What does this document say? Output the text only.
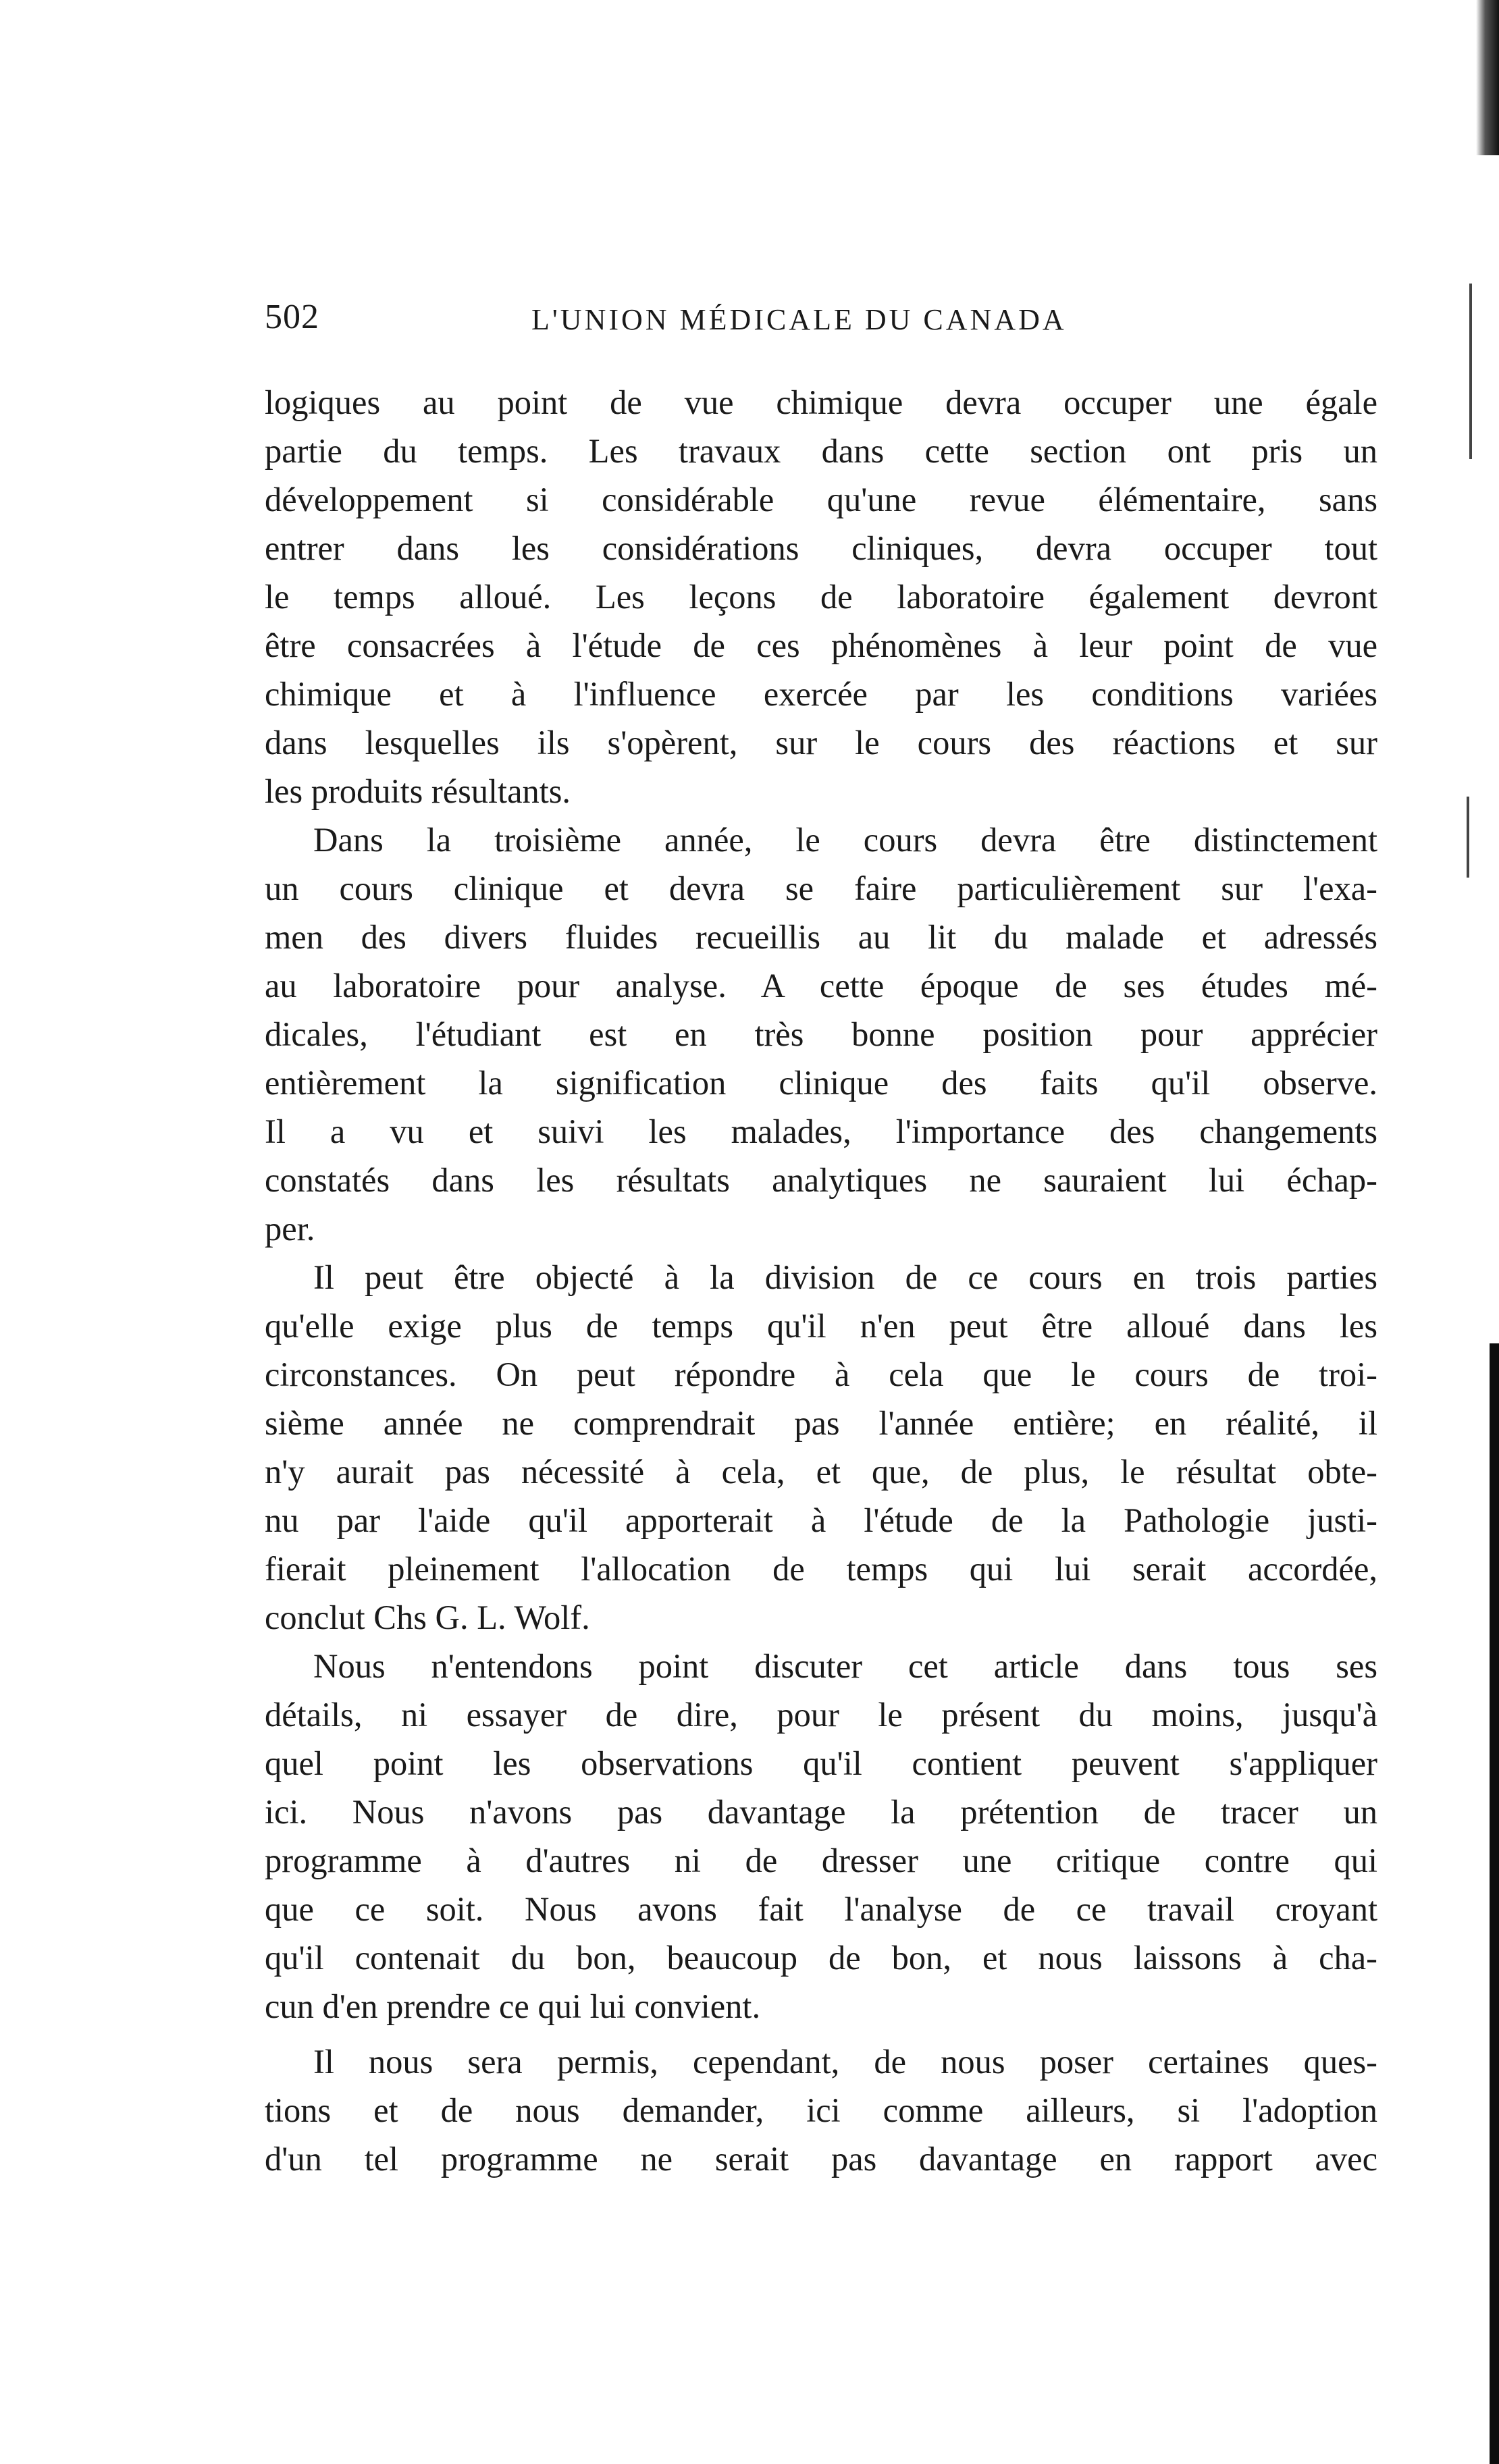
502	L'UNION MÉDICALE DU CANADA
logiques au point de vue chimique devra occuper une égale
partie du temps. Les travaux dans cette section ont pris un
développement si considérable qu'une revue élémentaire, sans
entrer dans les considérations cliniques, devra occuper tout
le temps alloué. Les leçons de laboratoire également devront
être consacrées à l'étude de ces phénomènes à leur point de vue
chimique et à l'influence exercée par les conditions variées
dans lesquelles ils s'opèrent, sur le cours des réactions et sur
les produits résultants.
Dans la troisième année, le cours devra être distinctement
un cours clinique et devra se faire particulièrement sur l'exa-
men des divers fluides recueillis au lit du malade et adressés
au laboratoire pour analyse. A cette époque de ses études mé-
dicales, l'étudiant est en très bonne position pour apprécier
entièrement la signification clinique des faits qu'il observe.
Il a vu et suivi les malades, l'importance des changements
constatés dans les résultats analytiques ne sauraient lui échap-
per.
Il peut être objecté à la division de ce cours en trois parties
qu'elle exige plus de temps qu'il n'en peut être alloué dans les
circonstances. On peut répondre à cela que le cours de troi-
sième année ne comprendrait pas l'année entière; en réalité, il
n'y aurait pas nécessité à cela, et que, de plus, le résultat obte-
nu par l'aide qu'il apporterait à l'étude de la Pathologie justi-
fierait pleinement l'allocation de temps qui lui serait accordée,
conclut Chs G. L. Wolf.
Nous n'entendons point discuter cet article dans tous ses
détails, ni essayer de dire, pour le présent du moins, jusqu'à
quel point les observations qu'il contient peuvent s'appliquer
ici. Nous n'avons pas davantage la prétention de tracer un
programme à d'autres ni de dresser une critique contre qui
que ce soit. Nous avons fait l'analyse de ce travail croyant
qu'il contenait du bon, beaucoup de bon, et nous laissons à cha-
cun d'en prendre ce qui lui convient.
Il nous sera permis, cependant, de nous poser certaines ques-
tions et de nous demander, ici comme ailleurs, si l'adoption
d'un tel programme ne serait pas davantage en rapport avec
